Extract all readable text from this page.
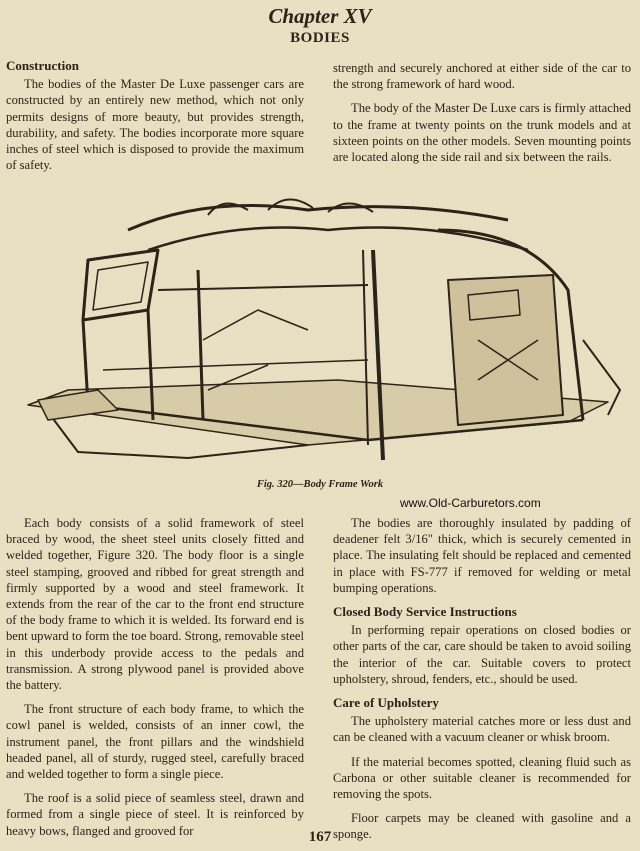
Chapter XV
BODIES
Construction

The bodies of the Master De Luxe passenger cars are constructed by an entirely new method, which not only permits designs of more beauty, but provides strength, durability, and safety. The bodies incorporate more square inches of steel which is disposed to provide the maximum of safety.

strength and securely anchored at either side of the car to the strong framework of hard wood.

The body of the Master De Luxe cars is firmly attached to the frame at twenty points on the trunk models and at sixteen points on the other models. Seven mounting points are located along the side rail and six between the rails.

Fig. 320—Body Frame Work
www.Old-Carburetors.com

Each body consists of a solid framework of steel braced by wood, the sheet steel units closely fitted and welded together, Figure 320. The body floor is a single steel stamping, grooved and ribbed for great strength and firmly supported by a wood and steel framework. It extends from the rear of the car to the front end structure of the body frame to which it is welded. Its forward end is bent upward to form the toe board. Strong, removable steel in this underbody provide access to the pedals and transmission. A strong plywood panel is provided above the battery.

The front structure of each body frame, to which the cowl panel is welded, consists of an inner cowl, the instrument panel, the front pillars and the windshield headed panel, all of sturdy, rugged steel, carefully braced and welded together to form a single piece.

The roof is a solid piece of seamless steel, drawn and formed from a single piece of steel. It is reinforced by heavy bows, flanged and grooved for

The bodies are thoroughly insulated by padding of deadener felt 3/16" thick, which is securely cemented in place. The insulating felt should be replaced and cemented in place with FS-777 if removed for welding or metal bumping operations.

Closed Body Service Instructions

In performing repair operations on closed bodies or other parts of the car, care should be taken to avoid soiling the interior of the car. Suitable covers to protect upholstery, shroud, fenders, etc., should be used.

Care of Upholstery

The upholstery material catches more or less dust and can be cleaned with a vacuum cleaner or whisk broom.

If the material becomes spotted, cleaning fluid such as Carbona or other suitable cleaner is recommended for removing the spots.

Floor carpets may be cleaned with gasoline and a sponge.

167
